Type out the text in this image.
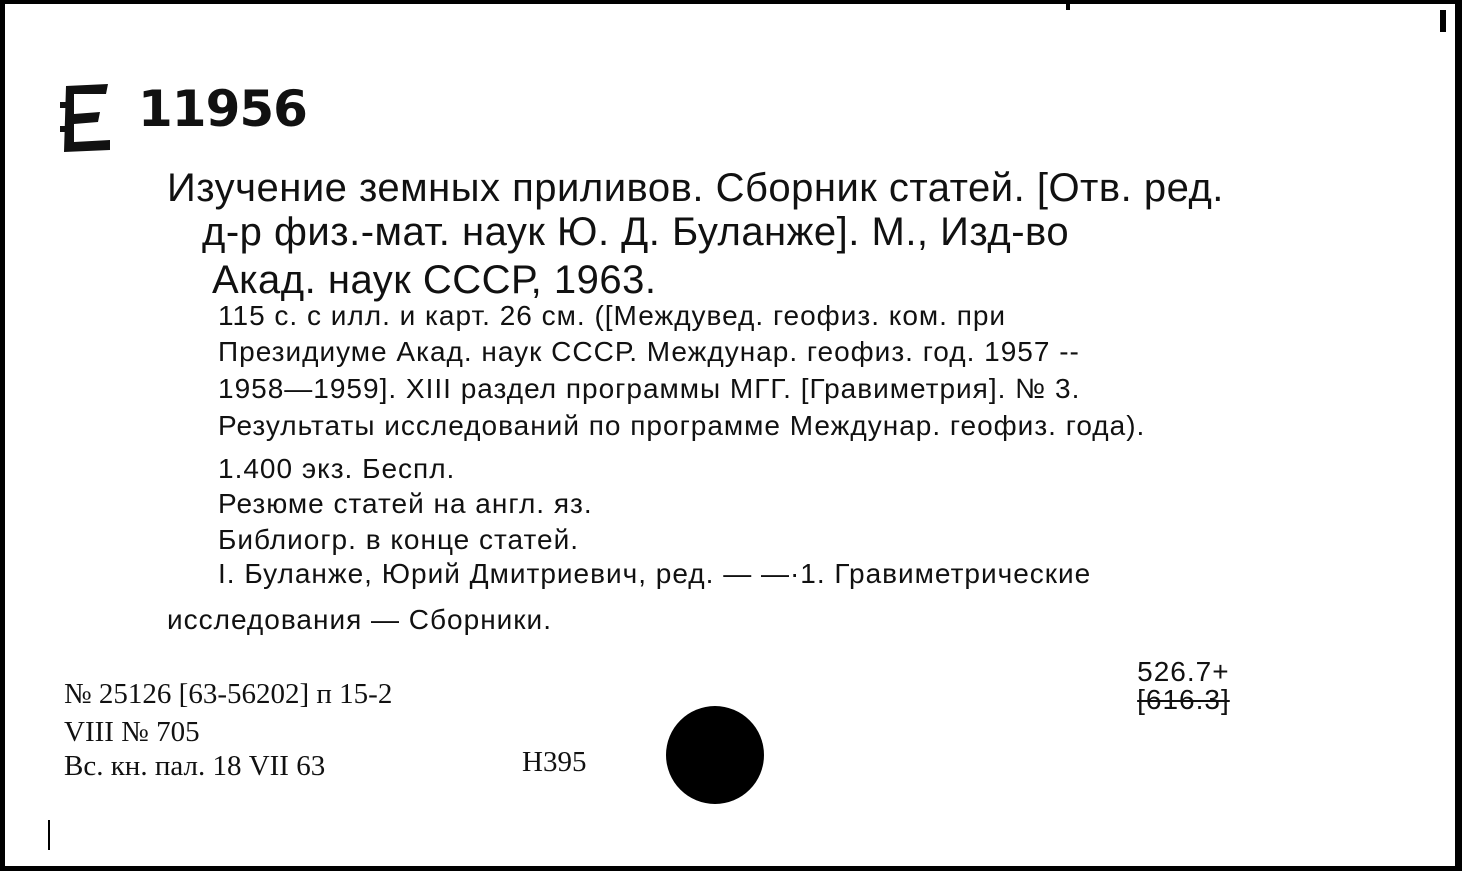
11956
Изучение земных приливов. Сборник статей. [Отв. ред.
д-р физ.-мат. наук Ю. Д. Буланже]. М., Изд-во
Акад. наук СССР, 1963.
115 с. с илл. и карт. 26 см. ([Междувед. геофиз. ком. при
Президиуме Акад. наук СССР. Междунар. геофиз. год. 1957 --
1958—1959]. XIII раздел программы МГГ. [Гравиметрия]. № 3.
Результаты исследований по программе Междунар. геофиз. года).
1.400 экз. Беспл.
Резюме статей на англ. яз.
Библиогр. в конце статей.
I. Буланже, Юрий Дмитриевич, ред. — —·1. Гравиметрические
исследования — Сборники.

526.7+
[616.3]

№ 25126 [63-56202] п 15-2
VIII № 705
Вс. кн. пал. 18 VII 63	Н395
